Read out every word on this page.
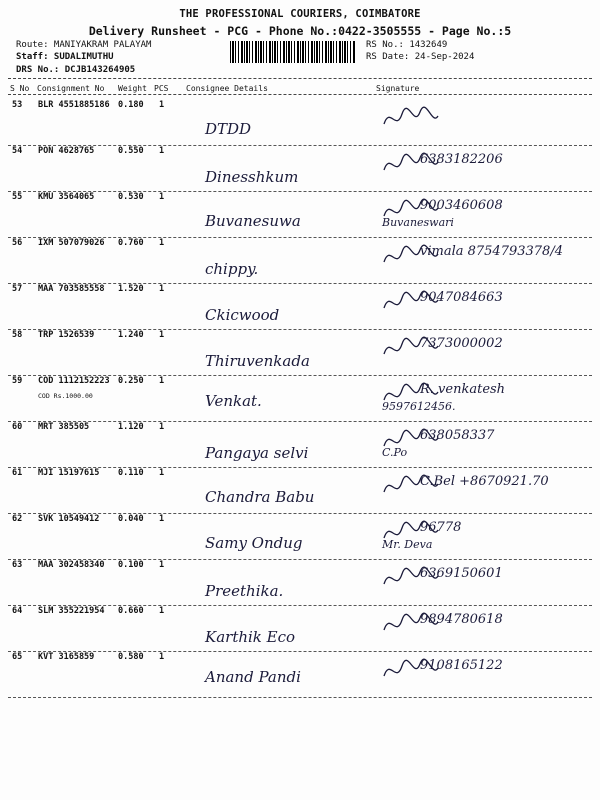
THE PROFESSIONAL COURIERS, COIMBATORE
Delivery Runsheet - PCG - Phone No.:0422-3505555 - Page No.:5
Route: MANIYAKRAM PALAYAM
Staff: SUDALIMUTHU
DRS No.: DCJB143264905
RS No.: 1432649
RS Date: 24-Sep-2024
S No Consignment No Weight PCS Consignee Details	Signature
53 BLR 4551885186 0.180 1
DTDD
54 PON 4628765	0.550 1
Dinesshkum
6383182206
55 KMU 3564065	0.530 1
Buvanesuwa
9003460608
Buvaneswari
56 IXM 507079026 0.760 1
chippy.
vimala 8754793378/4
57 MAA 703585558 1.520 1
Ckicwood
9047084663
58 TRP 1526539	1.240 1
Thiruvenkada
7373000002
59 COD 1112152223 0.250 1
COD Rs.1000.00	Venkat.
R. venkatesh
9597612456.
60 MRT 385505	1.120 1
Pangaya selvi
638058337
C.Po
61 MJI 15197615 0.110 1
Chandra Babu
C.Bel +8670921.70
62 SVK 10549412 0.040 1
Samy Ondug
96778
Mr. Deva
63 MAA 302458340 0.100 1
Preethika.
6369150601
64 SLM 355221954 0.660 1
Karthik Eco
9894780618
65 KVT 3165859	0.580 1
Anand Pandi
9108165122
